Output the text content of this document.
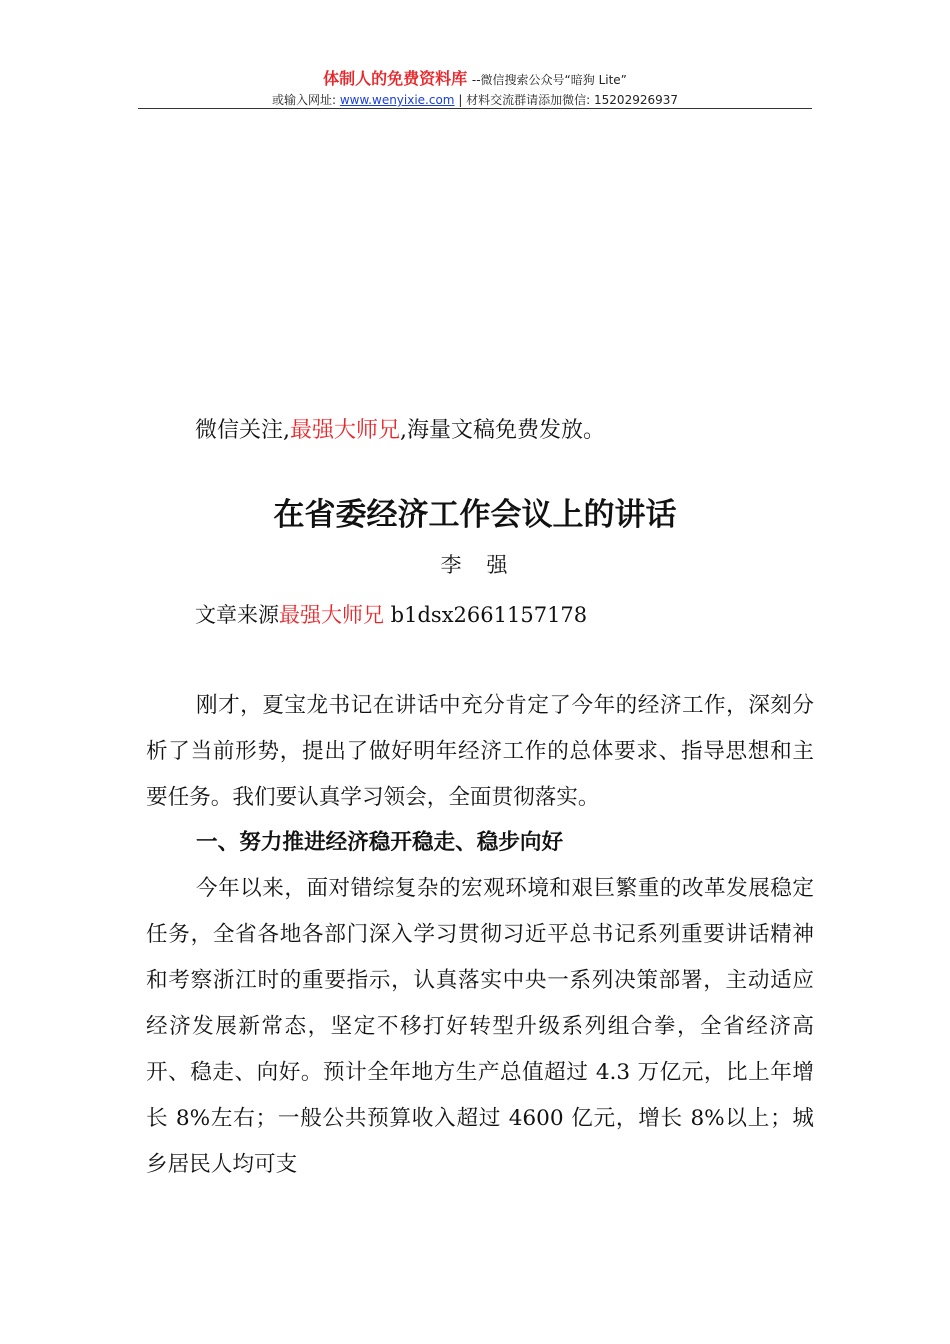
体制人的免费资料库 --微信搜索公众号“暗狗 Lite”
或输入网址: www.wenyixie.com | 材料交流群请添加微信: 15202926937
微信关注,最强大师兄,海量文稿免费发放。
在省委经济工作会议上的讲话
李　强
文章来源最强大师兄 b1dsx2661157178
刚才，夏宝龙书记在讲话中充分肯定了今年的经济工作，深刻分析了当前形势，提出了做好明年经济工作的总体要求、指导思想和主要任务。我们要认真学习领会，全面贯彻落实。
一、努力推进经济稳开稳走、稳步向好
今年以来，面对错综复杂的宏观环境和艰巨繁重的改革发展稳定任务，全省各地各部门深入学习贯彻习近平总书记系列重要讲话精神和考察浙江时的重要指示，认真落实中央一系列决策部署，主动适应经济发展新常态，坚定不移打好转型升级系列组合拳，全省经济高开、稳走、向好。预计全年地方生产总值超过 4.3 万亿元，比上年增长 8%左右；一般公共预算收入超过 4600 亿元，增长 8%以上；城乡居民人均可支
